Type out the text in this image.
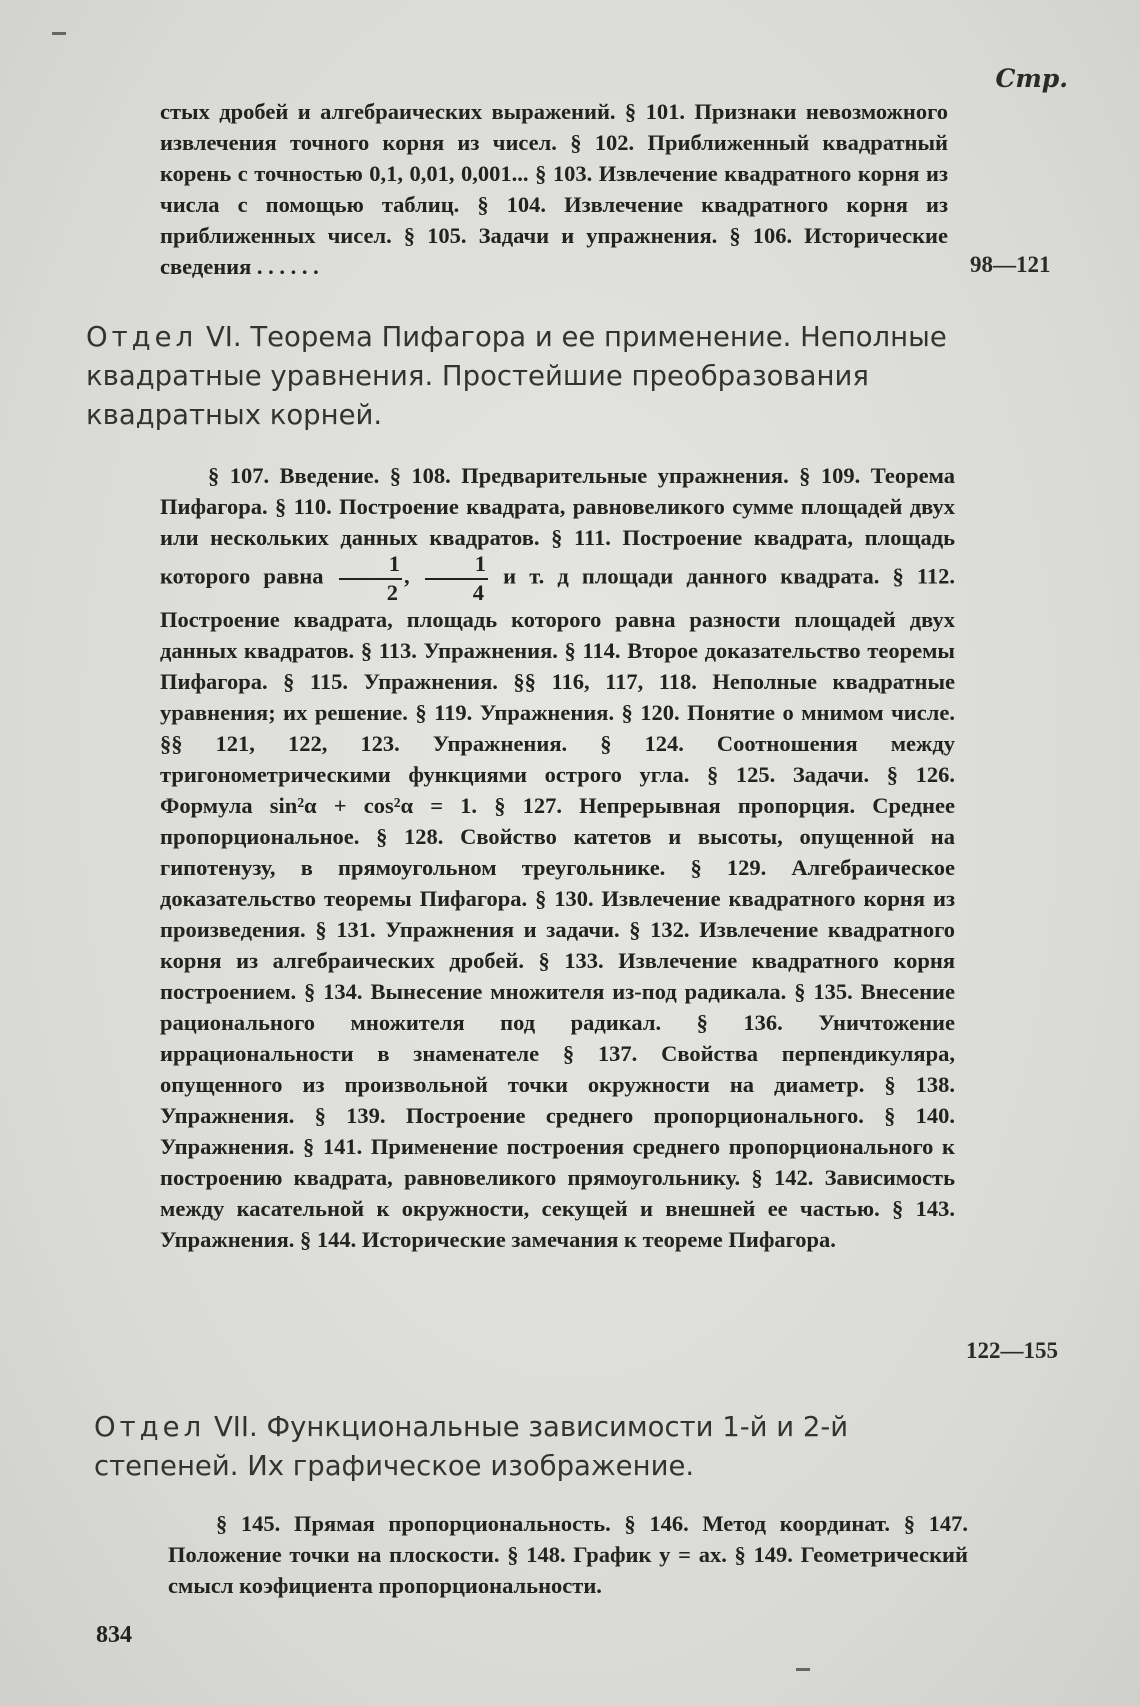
Стр.
стых дробей и алгебраических выражений. § 101. Признаки невозможного извлечения точного корня из чисел. § 102. Приближенный квадратный корень с точностью 0,1, 0,01, 0,001... § 103. Извлечение квадратного корня из числа с помощью таблиц. § 104. Извлечение квадратного корня из приближенных чисел. § 105. Задачи и упражнения. § 106. Исторические сведения . . . . . .	98—121
Отдел VI. Теорема Пифагора и ее применение. Неполные квадратные уравнения. Простейшие преобразования квадратных корней.
§ 107. Введение. § 108. Предварительные упражнения. § 109. Теорема Пифагора. § 110. Построение квадрата, равновеликого сумме площадей двух или нескольких данных квадратов. § 111. Построение квадрата, площадь которого равна $\frac{1}{2}$ , $\frac{1}{4}$ и т. д площади данного квадрата. § 112. Построение квадрата, площадь которого равна разности площадей двух данных квадратов. § 113. Упражнения. § 114. Второе доказательство теоремы Пифагора. § 115. Упражнения. §§ 116, 117, 118. Неполные квадратные уравнения; их решение. § 119. Упражнения. § 120. Понятие о мнимом числе. §§ 121, 122, 123. Упражнения. § 124. Соотношения между тригонометрическими функциями острого угла. § 125. Задачи. § 126. Формула sin²α + cos²α = 1. § 127. Непрерывная пропорция. Среднее пропорциональное. § 128. Свойство катетов и высоты, опущенной на гипотенузу, в прямоугольном треугольнике. § 129. Алгебраическое доказательство теоремы Пифагора. § 130. Извлечение квадратного корня из произведения. § 131. Упражнения и задачи. § 132. Извлечение квадратного корня из алгебраических дробей. § 133. Извлечение квадратного корня построением. § 134. Вынесение множителя из-под радикала. § 135. Внесение рационального множителя под радикал. § 136. Уничтожение иррациональности в знаменателе § 137. Свойства перпендикуляра, опущенного из произвольной точки окружности на диаметр. § 138. Упражнения. § 139. Построение среднего пропорционального. § 140. Упражнения. § 141. Применение построения среднего пропорционального к построению квадрата, равновеликого прямоугольнику. § 142. Зависимость между касательной к окружности, секущей и внешней ее частью. § 143. Упражнения. § 144. Исторические замечания к теореме Пифагора.
122—155
Отдел VII. Функциональные зависимости 1-й и 2-й степеней. Их графическое изображение.
§ 145. Прямая пропорциональность. § 146. Метод координат. § 147. Положение точки на плоскости. § 148. График y = ax. § 149. Геометрический смысл коэфициента пропорциональности.
834
